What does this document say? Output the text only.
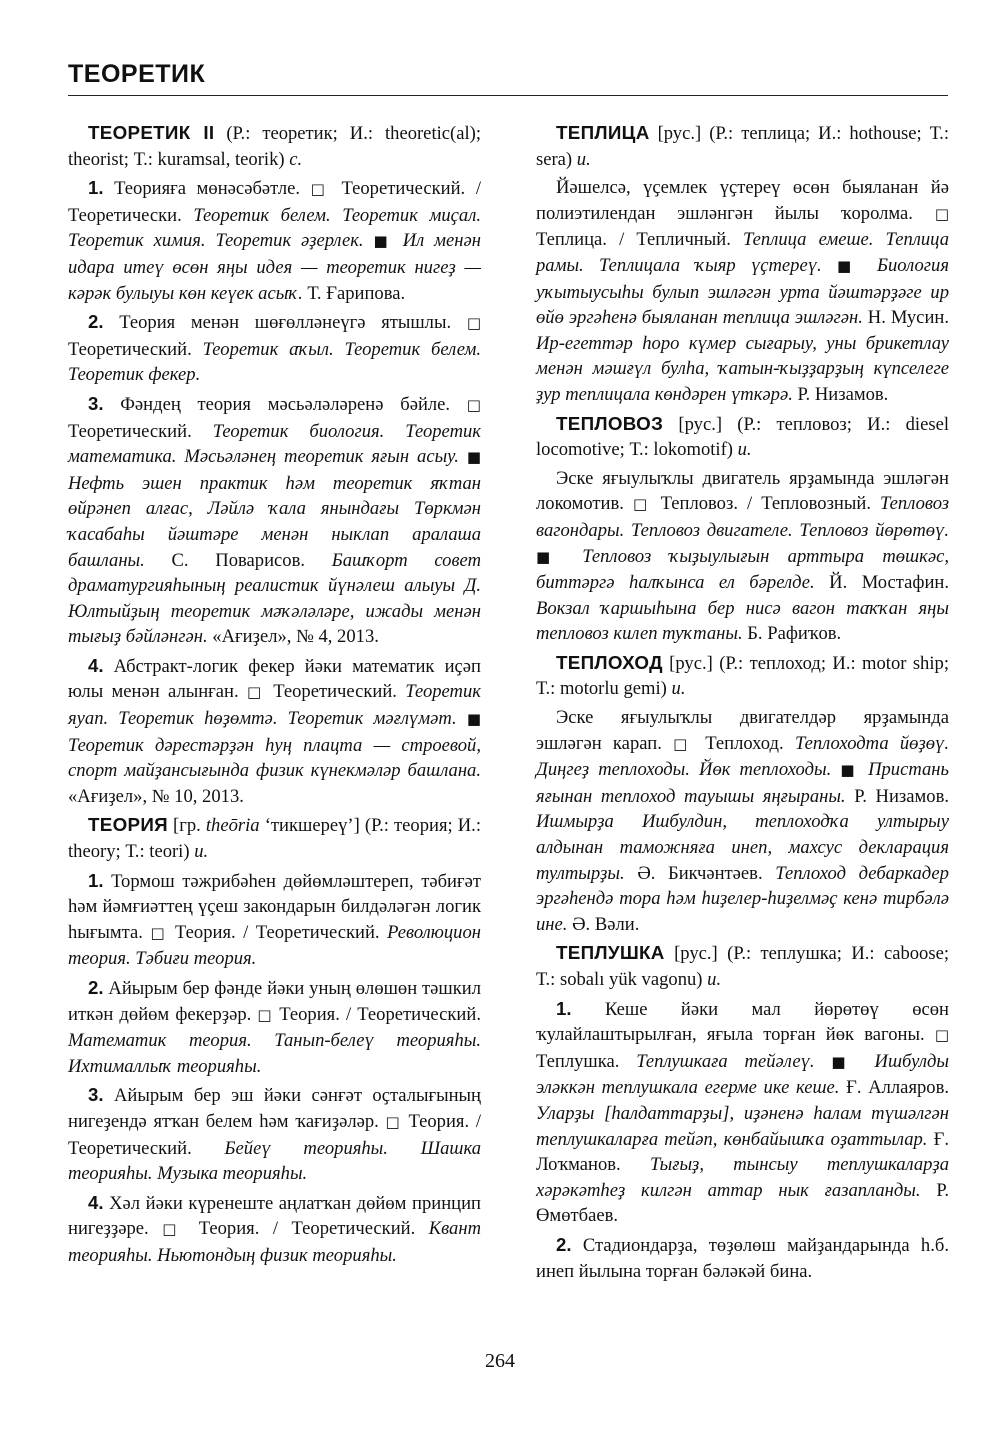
ТЕОРЕТИК

ТЕОРЕТИК II (Р.: теоретик; И.: theoretic(al); theorist; Т.: kuramsal, teorik) с.

1. Теорияға мөнәсәбәтле. □ Теоретический. / Теоретически. Теоретик белем. Теоретик миҫал. Теоретик химия. Теоретик әҙерлек. ■ Ил менән идара итеү өсөн яңы идея — теоретик нигеҙ — кәрәк булыуы көн кеүек асыҡ. Т. Ғарипова.

2. Теория менән шөғөлләнеүгә ятышлы. □ Теоретический. Теоретик аҡыл. Теоретик белем. Теоретик фекер.

3. Фәндең теория мәсьәләләренә бәйле. □ Теоретический. Теоретик биология. Теоретик математика. Мәсьәләнең теоретик яғын асыу. ■ Нефть эшен практик һәм теоретик яҡтан өйрәнеп алғас, Ләйлә ҡала янындағы Төркмән ҡасабаһы йәштәре менән ныклап аралаша башланы. С. Поварисов. Башҡорт совет драматургияһының реалистик йүнәлеш алыуы Д. Юлтыйҙың теоретик мәҡәләләре, ижады менән тығыҙ бәйләнгән. «Ағиҙел», № 4, 2013.

4. Абстракт-логик фекер йәки математик иҫәп юлы менән алынған. □ Теоретический. Теоретик яуап. Теоретик һөҙөмтә. Теоретик мәғлүмәт. ■ Теоретик дәрестәрҙән һуң плацта — строевой, спорт майҙансығында физик күнекмәләр башлана. «Ағиҙел», № 10, 2013.

ТЕОРИЯ [гр. theōria ‘тикшереү’] (Р.: теория; И.: theory; Т.: teori) и.

1. Тормош тәжрибәһен дөйөмләштереп, тәбиғәт һәм йәмғиәттең үҫеш закондарын билдәләгән логик һығымта. □ Теория. / Теоретический. Революцион теория. Тәбиғи теория.

2. Айырым бер фәнде йәки уның өлөшөн тәшкил иткән дөйөм фекерҙәр. □ Теория. / Теоретический. Математик теория. Танып-белеү теорияһы. Ихтималлыҡ теорияһы.

3. Айырым бер эш йәки сәнғәт оҫталығының нигеҙендә ятҡан белем һәм ҡағиҙәләр. □ Теория. / Теоретический. Бейеү теорияһы. Шашка теорияһы. Музыка теорияһы.

4. Хәл йәки күренеште аңлатҡан дөйөм принцип нигеҙҙәре. □ Теория. / Теоретический. Квант теорияһы. Ньютондың физик теорияһы.

ТЕПЛИЦА [рус.] (Р.: теплица; И.: hothouse; Т.: sera) и.

Йәшелсә, үҫемлек үҫтереү өсөн быяланан йә полиэтилендан эшләнгән йылы ҡоролма. □ Теплица. / Тепличный. Теплица емеше. Теплица рамы. Теплицала ҡыяр үҫтереү. ■ Биология уҡытыусыһы булып эшләгән урта йәштәрҙәге ир өйө эргәһенә быяланан теплица эшләгән. Н. Мусин. Ир-егеттәр һоро күмер сығарыу, уны брикетлау менән мәшғүл булһа, ҡатын-ҡыҙҙарҙың күпселеге ҙур теплицала көндәрен үткәрә. Р. Низамов.

ТЕПЛОВОЗ [рус.] (Р.: тепловоз; И.: diesel locomotive; Т.: lokomotif) и.

Эске яғыулыҡлы двигатель ярҙамында эшләгән локомотив. □ Тепловоз. / Тепловозный. Тепловоз вагондары. Тепловоз двигателе. Тепловоз йөрөтөү. ■ Тепловоз ҡыҙыулығын арттыра төшкәс, биттәргә һалҡынса ел бәрелде. Й. Мостафин. Вокзал ҡаршыһына бер нисә вагон таҡҡан яңы тепловоз килеп туҡтаны. Б. Рафиҡов.

ТЕПЛОХОД [рус.] (Р.: теплоход; И.: motor ship; Т.: motorlu gemi) и.

Эске яғыулыҡлы двигателдәр ярҙамында эшләгән карап. □ Теплоход. Теплоходта йөҙөү. Диңгеҙ теплоходы. Йөк теплоходы. ■ Пристань яғынан теплоход тауышы яңғыраны. Р. Низамов. Ишмырҙа Ишбулдин, теплоходҡа ултырыу алдынан таможняға инеп, махсус декларация тултырҙы. Ә. Бикчәнтәев. Теплоход дебаркадер эргәһендә тора һәм һиҙелер-һиҙелмәҫ кенә тирбәлә ине. Ә. Вәли.

ТЕПЛУШКА [рус.] (Р.: теплушка; И.: caboose; Т.: sobalı yük vagonu) и.

1. Кеше йәки мал йөрөтөү өсөн ҡулайлаштырылған, яғыла торған йөк вагоны. □ Теплушка. Теплушкаға тейәлеү. ■ Ишбулды эләккән теплушкала егерме ике кеше. Ғ. Аллаяров. Уларҙы [һалдаттарҙы], иҙәненә һалам түшәлгән теплушкаларға тейәп, көнбайышҡа оҙаттылар. Ғ. Лоҡманов. Тығыҙ, тынсыу теплушкаларҙа хәрәкәтһеҙ килгән аттар нык ғазапланды. Р. Өмөтбаев.

2. Стадиондарҙа, төҙөлөш майҙандарында һ.б. инеп йылына торған бәләкәй бина.

264
